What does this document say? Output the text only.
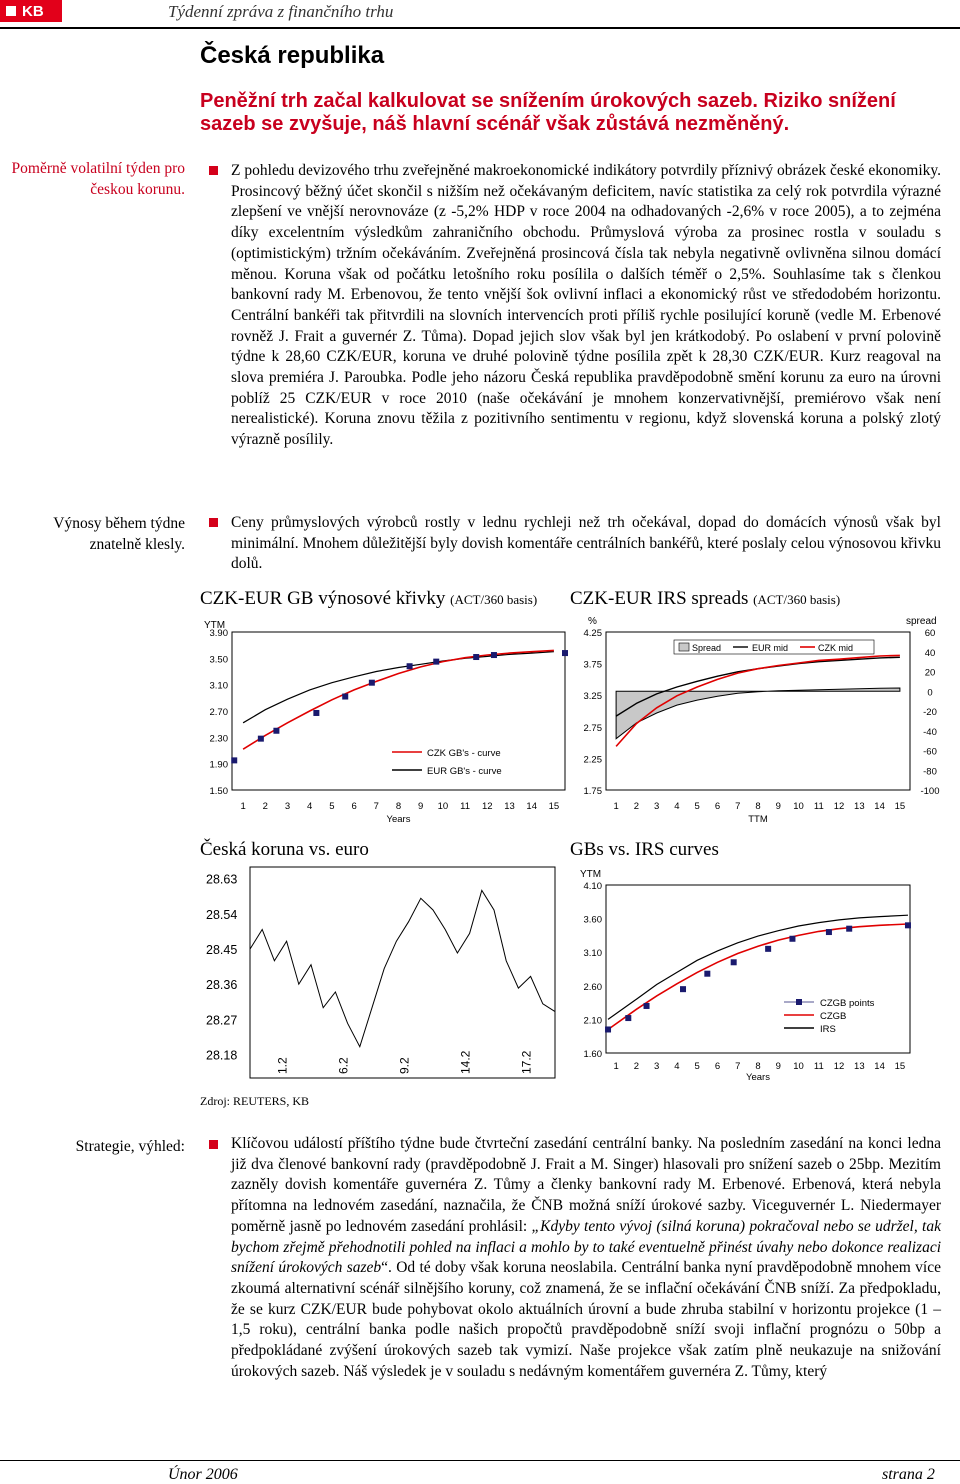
KB	Týdenní zpráva z finančního trhu
Česká republika

Peněžní trh začal kalkulovat se snížením úrokových sazeb. Riziko snížení sazeb se zvyšuje, náš hlavní scénář však zůstává nezměněný.

Poměrně volatilní týden pro českou korunu.
Z pohledu devizového trhu zveřejněné makroekonomické indikátory potvrdily příznivý obrázek české ekonomiky. Prosincový běžný účet skončil s nižším než očekávaným deficitem, navíc statistika za celý rok potvrdila výrazné zlepšení ve vnější nerovnováze (z -5,2% HDP v roce 2004 na odhadovaných -2,6% v roce 2005), a to zejména díky excelentním výsledkům zahraničního obchodu. Průmyslová výroba za prosinec rostla v souladu s (optimistickým) tržním očekáváním. Zveřejněná prosincová čísla tak nebyla negativně ovlivněna silnou domácí měnou. Koruna však od počátku letošního roku posílila o dalších téměř o 2,5%. Souhlasíme tak s členkou bankovní rady M. Erbenovou, že tento vnější šok ovlivní inflaci a ekonomický růst ve středodobém horizontu. Centrální bankéři tak přitvrdili na slovních intervencích proti příliš rychle posilující koruně (vedle M. Erbenové rovněž J. Frait a guvernér Z. Tůma). Dopad jejich slov však byl jen krátkodobý. Po oslabení v první polovině týdne k 28,60 CZK/EUR, koruna ve druhé polovině týdne posílila zpět k 28,30 CZK/EUR. Kurz reagoval na slova premiéra J. Paroubka. Podle jeho názoru Česká republika pravděpodobně smění korunu za euro na úrovni poblíž 25 CZK/EUR v roce 2010 (naše očekávání je mnohem konzervativnější, premiérovo však není nerealistické). Koruna znovu těžila z pozitivního sentimentu v regionu, když slovenská koruna a polský zlotý výrazně posílily.
Výnosy během týdne znatelně klesly.
Ceny průmyslových výrobců rostly v lednu rychleji než trh očekával, dopad do domácích výnosů však byl minimální. Mnohem důležitější byly dovish komentáře centrálních bankéřů, které poslaly celou výnosovou křivku dolů.
CZK-EUR GB výnosové křivky (ACT/360 basis) CZK-EUR IRS spreads (ACT/360 basis)
Česká koruna vs. euro	GBs vs. IRS curves
YTM
3.90
3.50
3.10
2.70
2.30
1.90
1.50
1 2 3 4 5 6 7 8 9 10 11 12 13 14 15
Years
CZK GB's - curve
EUR GB's - curve
%	spread
4.25
3.75
3.25
2.75
2.25
1.75
60
40
20
0
-20
-40
-60
-80
-100
1 2 3 4 5 6 7 8 9 10 11 12 13 14 15
TTM
Spread	EUR mid	CZK mid
28.63
28.54
28.45
28.36
28.27
28.18
1.2	6.2	9.2	14.2	17.2
YTM
4.10
3.60
3.10
2.60
2.10
1.60
1 2 3 4 5 6 7 8 9 10 11 12 13 14 15
Years
CZGB points
CZGB
IRS
Zdroj: REUTERS, KB
Strategie, výhled:	Klíčovou událostí příštího týdne bude čtvrteční zasedání centrální banky. Na posledním zasedání na konci ledna již dva členové bankovní rady (pravděpodobně J. Frait a M. Singer) hlasovali pro snížení sazeb o 25bp. Mezitím zazněly dovish komentáře guvernéra Z. Tůmy a členky bankovní rady M. Erbenové. Erbenová, která nebyla přítomna na lednovém zasedání, naznačila, že ČNB možná sníží úrokové sazby. Viceguvernér L. Niedermayer poměrně jasně po lednovém zasedání prohlásil: „Kdyby tento vývoj (silná koruna) pokračoval nebo se udržel, tak bychom zřejmě přehodnotili pohled na inflaci a mohlo by to také eventuelně přinést úvahy nebo dokonce realizaci snížení úrokových sazeb“. Od té doby však koruna neoslabila. Centrální banka nyní pravděpodobně mnohem více zkoumá alternativní scénář silnějšího koruny, což znamená, že se inflační očekávání ČNB sníží. Za předpokladu, že se kurz CZK/EUR bude pohybovat okolo aktuálních úrovní a bude zhruba stabilní v horizontu projekce (1 – 1,5 roku), centrální banka podle našich propočtů pravděpodobně sníží svoji inflační prognózu o 50bp a předpokládané zvýšení úrokových sazeb tak vymizí. Naše projekce však zatím plně neukazuje na snižování úrokových sazeb. Náš výsledek je v souladu s nedávným komentářem guvernéra Z. Tůmy, který
Únor 2006	strana 2
